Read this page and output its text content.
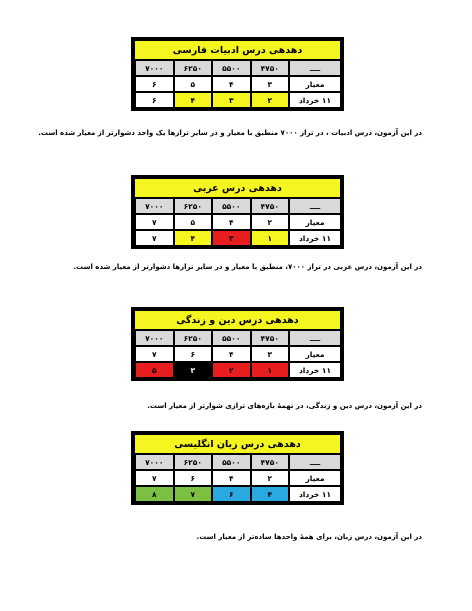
دهدهی درس ادبیات فارسی
ــــ
۴۷۵۰
۵۵۰۰
۶۲۵۰
۷۰۰۰
معیار
۳
۴
۵
۶
۱۱ خرداد
۲
۳
۴
۶
در این آزمون، درس ادبیات ، در تراز ۷۰۰۰ منطبق با معیار و در سایر ترازها یک واحد دشوارتر از معیار شده است.
دهدهی درس عربی
ــــ
۴۷۵۰
۵۵۰۰
۶۲۵۰
۷۰۰۰
معیار
۲
۴
۵
۷
۱۱ خرداد
۱
۳
۴
۷
در این آزمون، درس عربی در تراز ۷۰۰۰، منطبق با معیار و در سایر ترازها دشوارتر از معیار شده است.
دهدهی درس دین و زندگی
ــــ
۴۷۵۰
۵۵۰۰
۶۲۵۰
۷۰۰۰
معیار
۳
۴
۶
۷
۱۱ خرداد
۱
۲
۳
۵
در این آزمون، درس دین و زندگی، در تهمهٔ بازه‌های ترازی شوارتر از معیار است.
دهدهی درس زبان انگلیسی
ــــ
۴۷۵۰
۵۵۰۰
۶۲۵۰
۷۰۰۰
معیار
۲
۴
۶
۷
۱۱ خرداد
۴
۶
۷
۸
در این آزمون، درس زبان، برای همهٔ واحدها ساده‌تر از معیار است.
